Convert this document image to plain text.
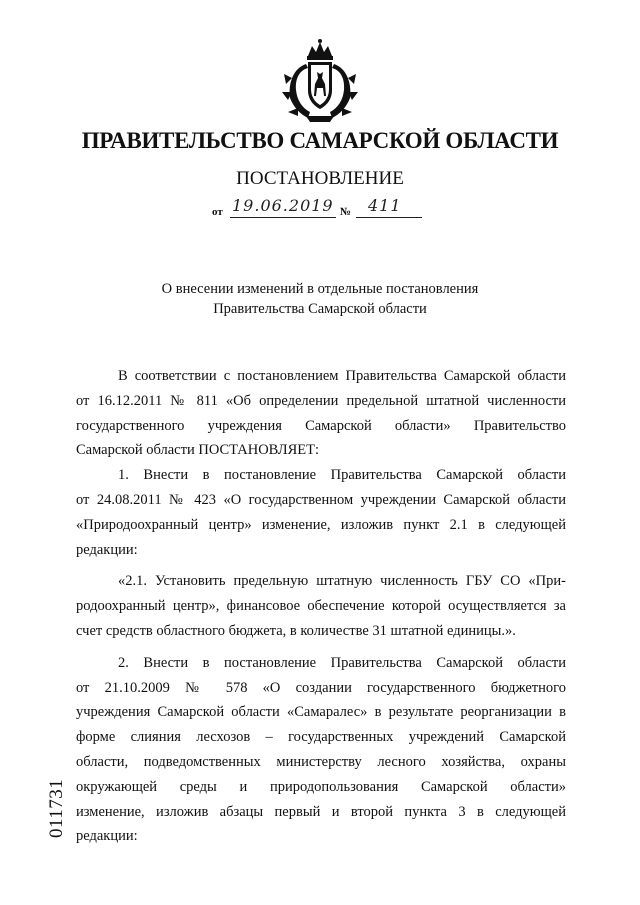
ПРАВИТЕЛЬСТВО САМАРСКОЙ ОБЛАСТИ
ПОСТАНОВЛЕНИЕ
от 19.06.2019 № 411
О внесении изменений в отдельные постановления
Правительства Самарской области
В соответствии с постановлением Правительства Самарской области
от 16.12.2011 № 811 «Об определении предельной штатной численности
государственного учреждения Самарской области» Правительство
Самарской области ПОСТАНОВЛЯЕТ:
1. Внести в постановление Правительства Самарской области
от 24.08.2011 № 423 «О государственном учреждении Самарской области
«Природоохранный центр» изменение, изложив пункт 2.1 в следующей
редакции:
«2.1. Установить предельную штатную численность ГБУ СО «При-
родоохранный центр», финансовое обеспечение которой осуществляется за
счет средств областного бюджета, в количестве 31 штатной единицы.».
2. Внести в постановление Правительства Самарской области
от 21.10.2009 № 578 «О создании государственного бюджетного
учреждения Самарской области «Самаралес» в результате реорганизации в
форме слияния лесхозов – государственных учреждений Самарской
области, подведомственных министерству лесного хозяйства, охраны
окружающей среды и природопользования Самарской области»
изменение, изложив абзацы первый и второй пункта 3 в следующей
редакции:
011731
